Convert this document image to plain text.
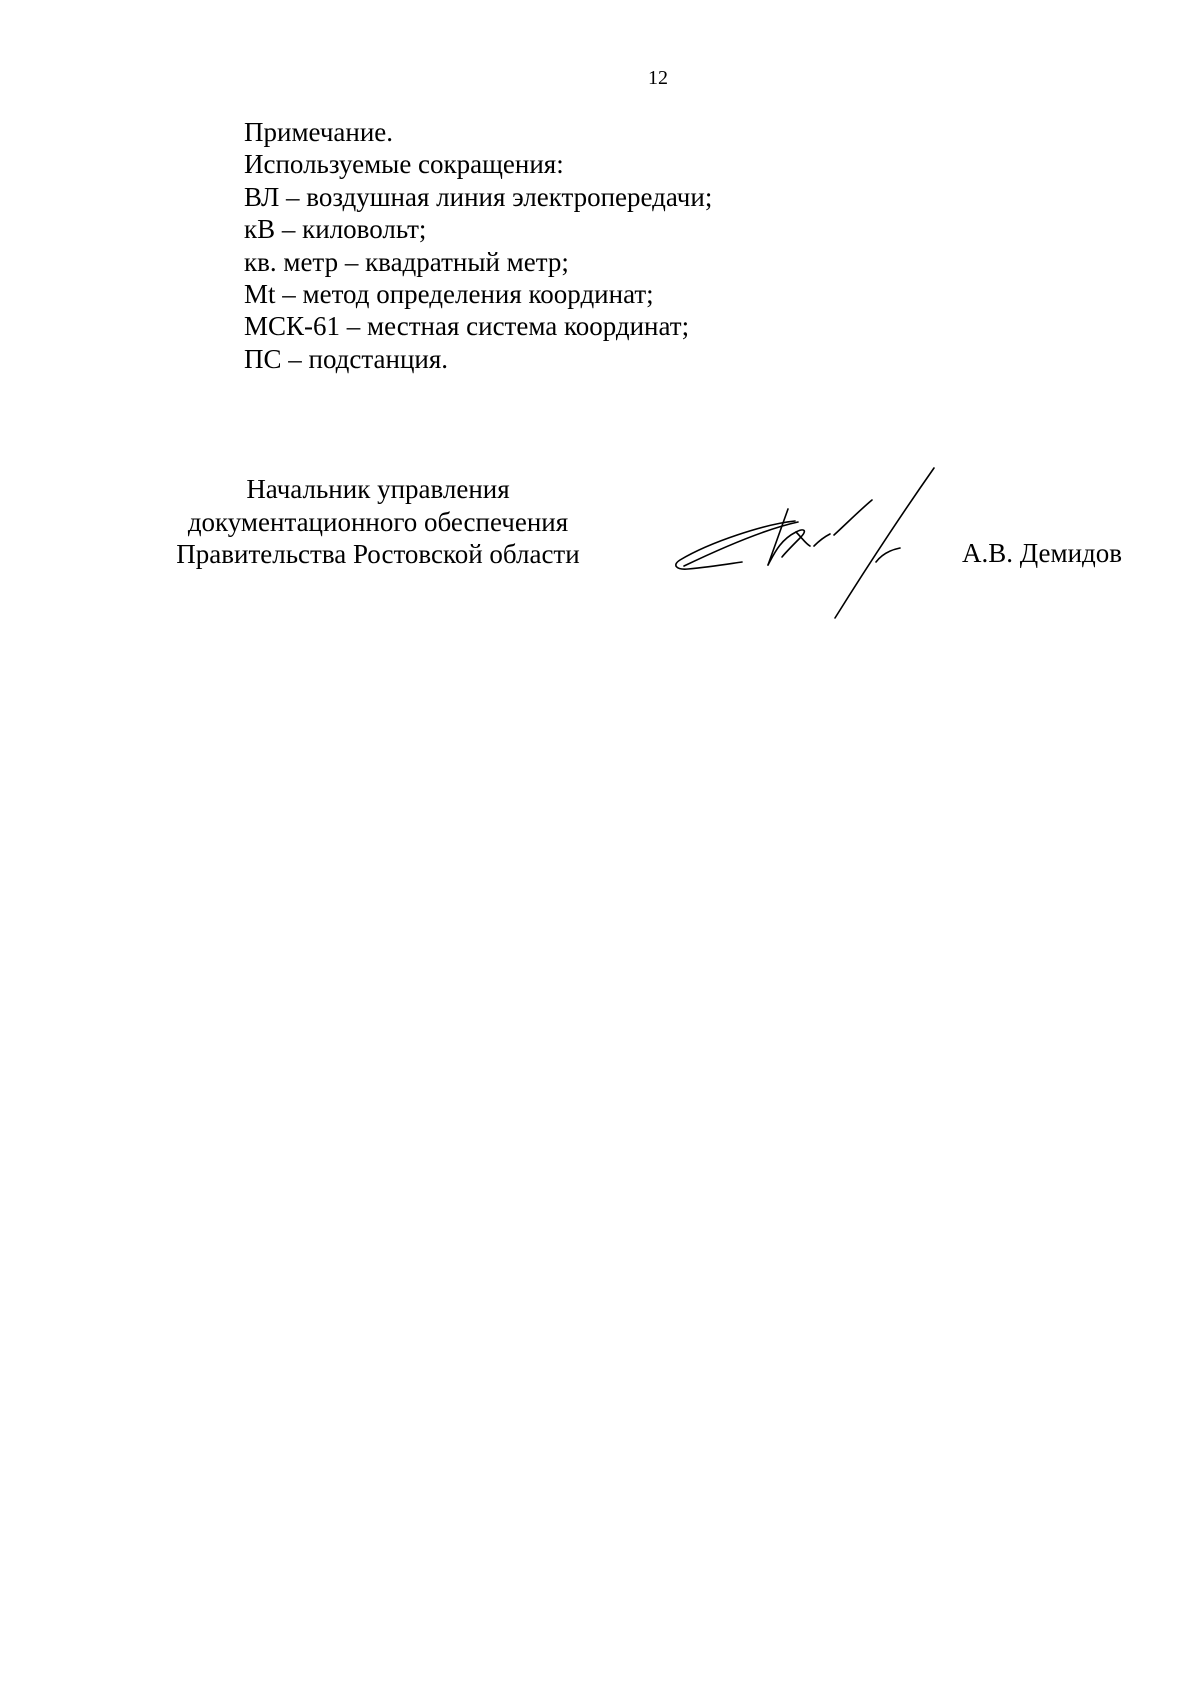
12
Примечание.
Используемые сокращения:
ВЛ – воздушная линия электропередачи;
кВ – киловольт;
кв. метр – квадратный метр;
Mt – метод определения координат;
МСК-61 – местная система координат;
ПС – подстанция.
Начальник управления
документационного обеспечения
Правительства Ростовской области	А.В. Демидов
